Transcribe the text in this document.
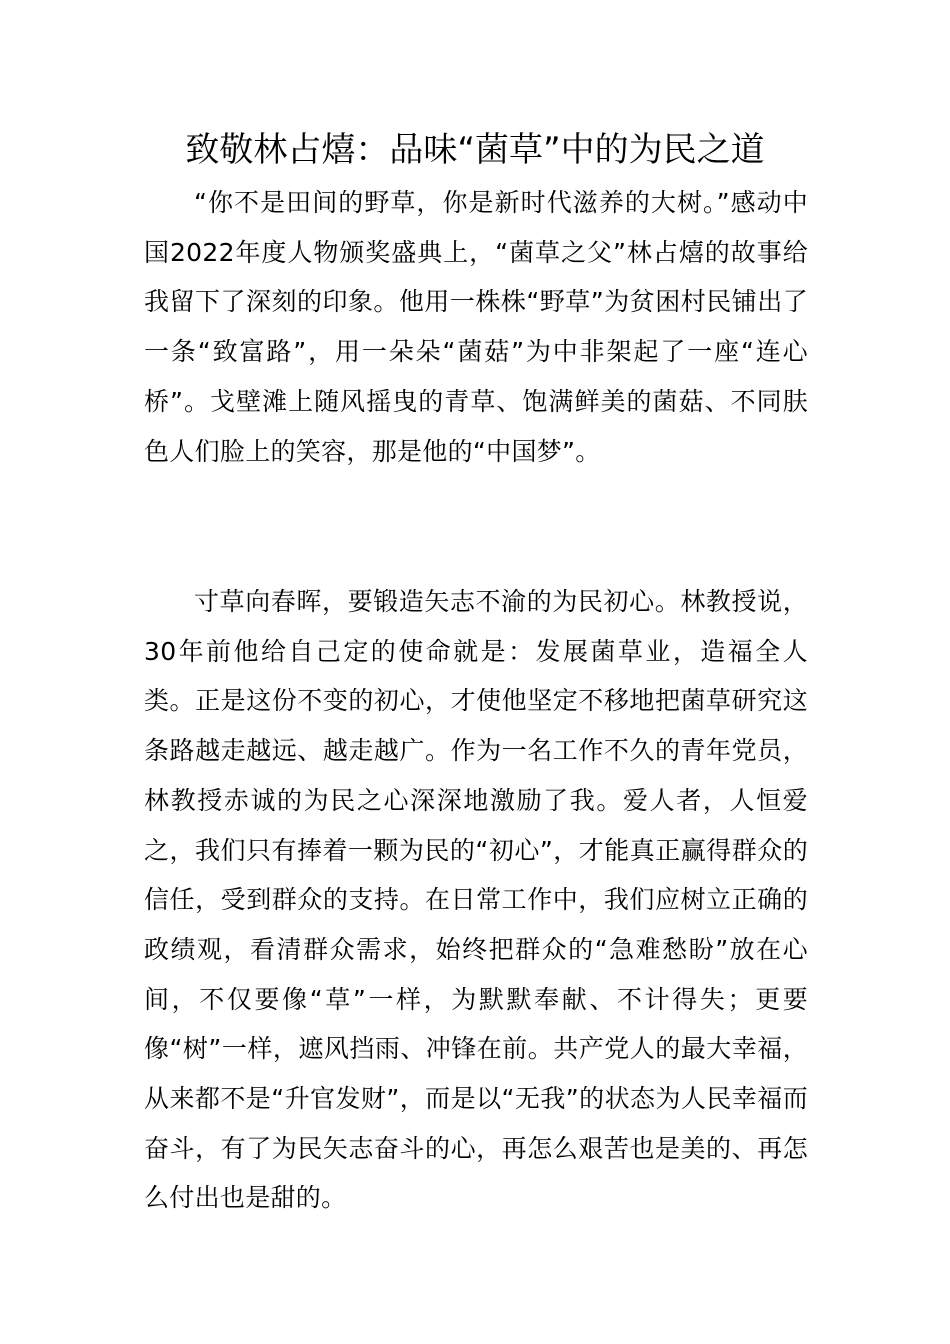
致敬林占熺：品味“菌草”中的为民之道

“你不是田间的野草，你是新时代滋养的大树。”感动中国2022年度人物颁奖盛典上，“菌草之父”林占熺的故事给我留下了深刻的印象。他用一株株“野草”为贫困村民铺出了一条“致富路”，用一朵朵“菌菇”为中非架起了一座“连心桥”。戈壁滩上随风摇曳的青草、饱满鲜美的菌菇、不同肤色人们脸上的笑容，那是他的“中国梦”。

寸草向春晖，要锻造矢志不渝的为民初心。林教授说，30年前他给自己定的使命就是：发展菌草业，造福全人类。正是这份不变的初心，才使他坚定不移地把菌草研究这条路越走越远、越走越广。作为一名工作不久的青年党员，林教授赤诚的为民之心深深地激励了我。爱人者，人恒爱之，我们只有捧着一颗为民的“初心”，才能真正赢得群众的信任，受到群众的支持。在日常工作中，我们应树立正确的政绩观，看清群众需求，始终把群众的“急难愁盼”放在心间，不仅要像“草”一样，为默默奉献、不计得失；更要像“树”一样，遮风挡雨、冲锋在前。共产党人的最大幸福，从来都不是“升官发财”，而是以“无我”的状态为人民幸福而奋斗，有了为民矢志奋斗的心，再怎么艰苦也是美的、再怎么付出也是甜的。
